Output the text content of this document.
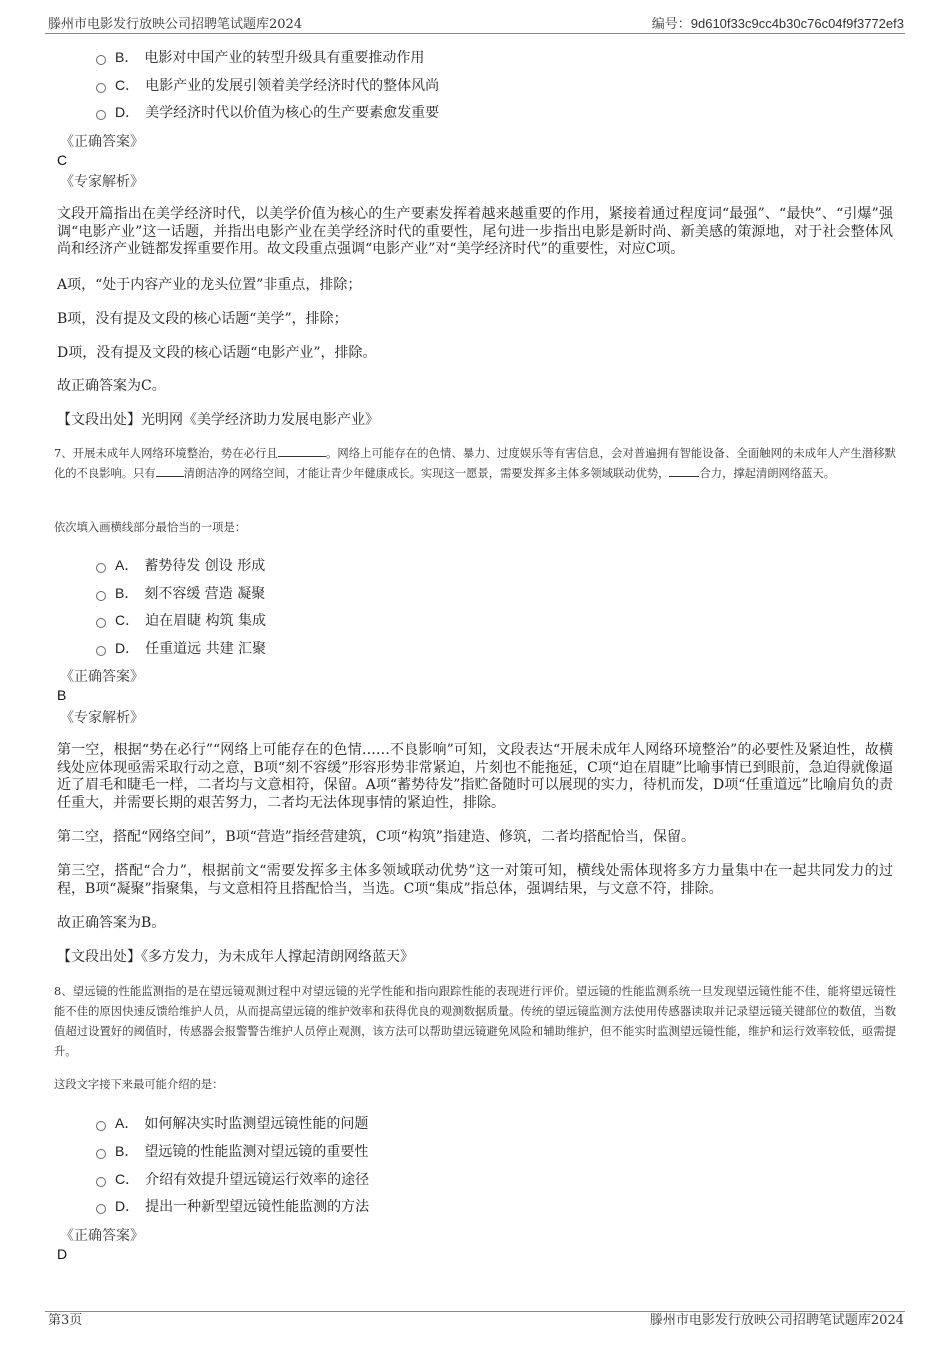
滕州市电影发行放映公司招聘笔试题库2024	编号：9d610f33c9cc4b30c76c04f9f3772ef3
B． 电影对中国产业的转型升级具有重要推动作用
C． 电影产业的发展引领着美学经济时代的整体风尚
D． 美学经济时代以价值为核心的生产要素愈发重要
《正确答案》
C
《专家解析》
文段开篇指出在美学经济时代，以美学价值为核心的生产要素发挥着越来越重要的作用，紧接着通过程度词“最强”、“最快”、“引爆”强调“电影产业”这一话题，并指出电影产业在美学经济时代的重要性，尾句进一步指出电影是新时尚、新美感的策源地，对于社会整体风尚和经济产业链都发挥重要作用。故文段重点强调“电影产业”对“美学经济时代”的重要性，对应C项。
A项，“处于内容产业的龙头位置”非重点，排除；
B项，没有提及文段的核心话题“美学”，排除；
D项，没有提及文段的核心话题“电影产业”，排除。
故正确答案为C。
【文段出处】光明网《美学经济助力发展电影产业》
7、开展未成年人网络环境整治，势在必行且	。网络上可能存在的色情、暴力、过度娱乐等有害信息，会对普遍拥有智能设备、全面触网的未成年人产生潜移默化的不良影响。只有 清朗洁净的网络空间，才能让青少年健康成长。实现这一愿景，需要发挥多主体多领域联动优势，	合力，撑起清朗网络蓝天。
依次填入画横线部分最恰当的一项是：
A． 蓄势待发 创设 形成
B． 刻不容缓 营造 凝聚
C． 迫在眉睫 构筑 集成
D． 任重道远 共建 汇聚
《正确答案》
B
《专家解析》
第一空，根据“势在必行”“网络上可能存在的色情……不良影响”可知，文段表达“开展未成年人网络环境整治”的必要性及紧迫性，故横线处应体现亟需采取行动之意，B项“刻不容缓”形容形势非常紧迫，片刻也不能拖延，C项“迫在眉睫”比喻事情已到眼前，急迫得就像逼近了眉毛和睫毛一样，二者均与文意相符，保留。A项“蓄势待发”指贮备随时可以展现的实力，待机而发，D项“任重道远”比喻肩负的责任重大，并需要长期的艰苦努力，二者均无法体现事情的紧迫性，排除。
第二空，搭配“网络空间”，B项“营造”指经营建筑，C项“构筑”指建造、修筑，二者均搭配恰当，保留。
第三空，搭配“合力”，根据前文“需要发挥多主体多领域联动优势”这一对策可知，横线处需体现将多方力量集中在一起共同发力的过程，B项“凝聚”指聚集，与文意相符且搭配恰当，当选。C项“集成”指总体，强调结果，与文意不符，排除。
故正确答案为B。
【文段出处】《多方发力，为未成年人撑起清朗网络蓝天》
8、望远镜的性能监测指的是在望远镜观测过程中对望远镜的光学性能和指向跟踪性能的表现进行评价。望远镜的性能监测系统一旦发现望远镜性能不佳，能将望远镜性能不佳的原因快速反馈给维护人员，从而提高望远镜的维护效率和获得优良的观测数据质量。传统的望远镜监测方法使用传感器读取并记录望远镜关键部位的数值，当数值超过设置好的阈值时，传感器会报警警告维护人员停止观测，该方法可以帮助望远镜避免风险和辅助维护，但不能实时监测望远镜性能，维护和运行效率较低，亟需提升。
这段文字接下来最可能介绍的是：
A． 如何解决实时监测望远镜性能的问题
B． 望远镜的性能监测对望远镜的重要性
C． 介绍有效提升望远镜运行效率的途径
D． 提出一种新型望远镜性能监测的方法
《正确答案》
D
第3页	滕州市电影发行放映公司招聘笔试题库2024
